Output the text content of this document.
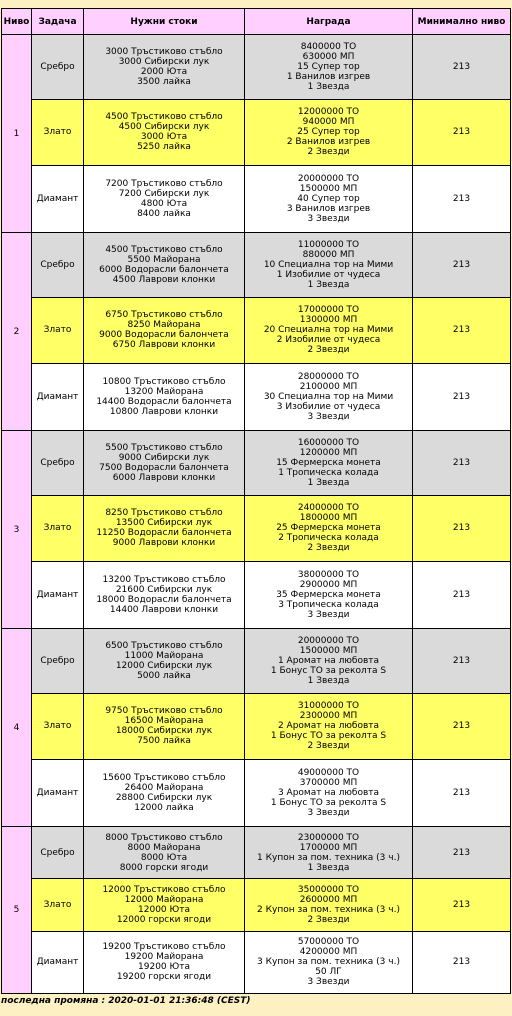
Ниво	Задача	Нужни стоки	Награда	Минимално ниво
1	Сребро	3000 Тръстиково стъбло
3000 Сибирски лук
2000 Юта
3500 лайка	8400000 ТО
630000 МП
15 Супер тор
1 Ванилов изгрев
1 Звезда	213
	Злато	4500 Тръстиково стъбло
4500 Сибирски лук
3000 Юта
5250 лайка	12000000 ТО
940000 МП
25 Супер тор
2 Ванилов изгрев
2 Звезди	213
	Диамант	7200 Тръстиково стъбло
7200 Сибирски лук
4800 Юта
8400 лайка	20000000 ТО
1500000 МП
40 Супер тор
3 Ванилов изгрев
3 Звезди	213
2	Сребро	4500 Тръстиково стъбло
5500 Майорана
6000 Водорасли балончета
4500 Лаврови клонки	11000000 ТО
880000 МП
10 Специална тор на Мими
1 Изобилие от чудеса
1 Звезда	213
	Злато	6750 Тръстиково стъбло
8250 Майорана
9000 Водорасли балончета
6750 Лаврови клонки	17000000 ТО
1300000 МП
20 Специална тор на Мими
2 Изобилие от чудеса
2 Звезди	213
	Диамант	10800 Тръстиково стъбло
13200 Майорана
14400 Водорасли балончета
10800 Лаврови клонки	28000000 ТО
2100000 МП
30 Специална тор на Мими
3 Изобилие от чудеса
3 Звезди	213
3	Сребро	5500 Тръстиково стъбло
9000 Сибирски лук
7500 Водорасли балончета
6000 Лаврови клонки	16000000 ТО
1200000 МП
15 Фермерска монета
1 Тропическа колада
1 Звезда	213
	Злато	8250 Тръстиково стъбло
13500 Сибирски лук
11250 Водорасли балончета
9000 Лаврови клонки	24000000 ТО
1800000 МП
25 Фермерска монета
2 Тропическа колада
2 Звезди	213
	Диамант	13200 Тръстиково стъбло
21600 Сибирски лук
18000 Водорасли балончета
14400 Лаврови клонки	38000000 ТО
2900000 МП
35 Фермерска монета
3 Тропическа колада
3 Звезди	213
4	Сребро	6500 Тръстиково стъбло
11000 Майорана
12000 Сибирски лук
5000 лайка	20000000 ТО
1500000 МП
1 Аромат на любовта
1 Бонус ТО за реколта S
1 Звезда	213
	Злато	9750 Тръстиково стъбло
16500 Майорана
18000 Сибирски лук
7500 лайка	31000000 ТО
2300000 МП
2 Аромат на любовта
1 Бонус ТО за реколта S
2 Звезди	213
	Диамант	15600 Тръстиково стъбло
26400 Майорана
28800 Сибирски лук
12000 лайка	49000000 ТО
3700000 МП
3 Аромат на любовта
1 Бонус ТО за реколта S
3 Звезди	213
5	Сребро	8000 Тръстиково стъбло
8000 Майорана
8000 Юта
8000 горски ягоди	23000000 ТО
1700000 МП
1 Купон за пом. техника (3 ч.)
1 Звезда	213
	Злато	12000 Тръстиково стъбло
12000 Майорана
12000 Юта
12000 горски ягоди	35000000 ТО
2600000 МП
2 Купон за пом. техника (3 ч.)
2 Звезди	213
	Диамант	19200 Тръстиково стъбло
19200 Майорана
19200 Юта
19200 горски ягоди	57000000 ТО
4200000 МП
3 Купон за пом. техника (3 ч.)
50 ЛГ
3 Звезди	213
последна промяна : 2020-01-01 21:36:48 (CEST)
